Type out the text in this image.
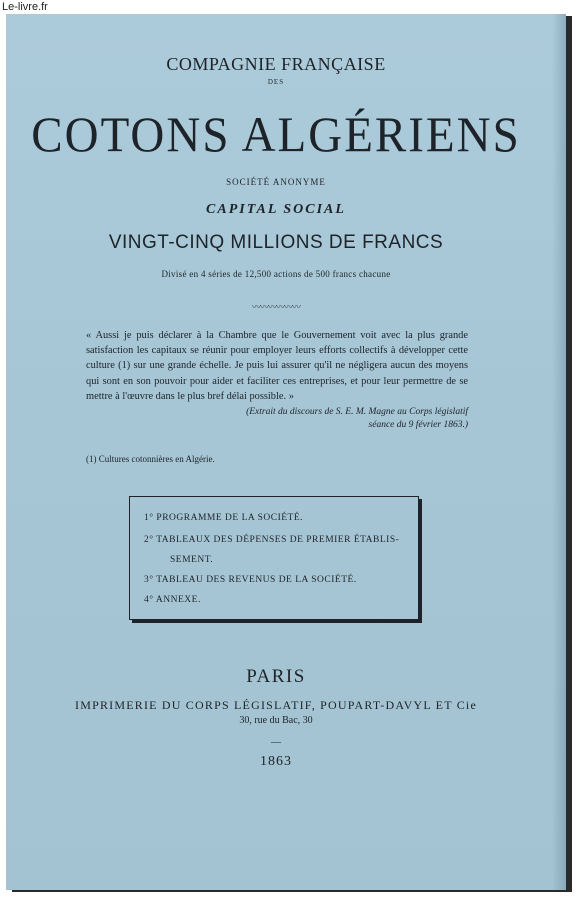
Le-livre.fr
COMPAGNIE FRANÇAISE
DES
COTONS ALGÉRIENS
SOCIÉTÉ ANONYME
CAPITAL SOCIAL
VINGT-CINQ MILLIONS DE FRANCS
Divisé en 4 séries de 12,500 actions de 500 francs chacune
〰〰〰〰〰〰
« Aussi je puis déclarer à la Chambre que le Gouvernement voit avec la plus grande satisfaction les capitaux se réunir pour employer leurs efforts collectifs à développer cette culture (1) sur une grande échelle. Je puis lui assurer qu'il ne négligera aucun des moyens qui sont en son pouvoir pour aider et faciliter ces entreprises, et pour leur permettre de se mettre à l'œuvre dans le plus bref délai possible. »
(Extrait du discours de S. E. M. Magne au Corps législatif
séance du 9 février 1863.)
(1) Cultures cotonnières en Algérie.
1° PROGRAMME DE LA SOCIÉTÉ.
2° TABLEAUX DES DÉPENSES DE PREMIER ÉTABLIS-
SEMENT.
3° TABLEAU DES REVENUS DE LA SOCIÉTÉ.
4° ANNEXE.
PARIS
IMPRIMERIE DU CORPS LÉGISLATIF, POUPART-DAVYL ET Cie
30, rue du Bac, 30
—
1863
